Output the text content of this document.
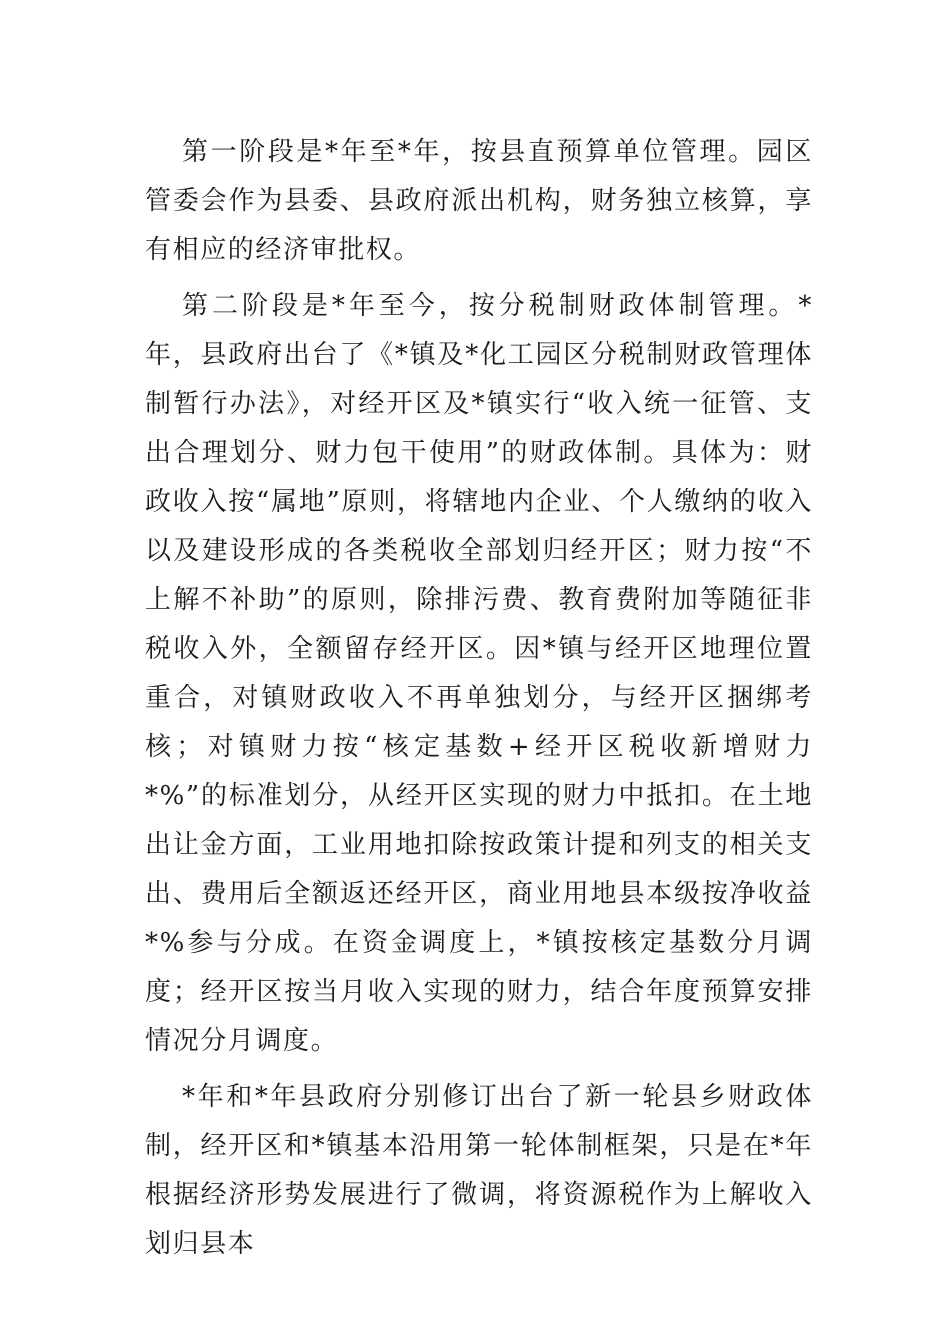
第一阶段是*年至*年，按县直预算单位管理。园区管委会作为县委、县政府派出机构，财务独立核算，享有相应的经济审批权。

第二阶段是*年至今，按分税制财政体制管理。*年，县政府出台了《*镇及*化工园区分税制财政管理体制暂行办法》，对经开区及*镇实行“收入统一征管、支出合理划分、财力包干使用”的财政体制。具体为：财政收入按“属地”原则，将辖地内企业、个人缴纳的收入以及建设形成的各类税收全部划归经开区；财力按“不上解不补助”的原则，除排污费、教育费附加等随征非税收入外，全额留存经开区。因*镇与经开区地理位置重合，对镇财政收入不再单独划分，与经开区捆绑考核；对镇财力按“核定基数+经开区税收新增财力*%”的标准划分，从经开区实现的财力中抵扣。在土地出让金方面，工业用地扣除按政策计提和列支的相关支出、费用后全额返还经开区，商业用地县本级按净收益*%参与分成。在资金调度上，*镇按核定基数分月调度；经开区按当月收入实现的财力，结合年度预算安排情况分月调度。

*年和*年县政府分别修订出台了新一轮县乡财政体制，经开区和*镇基本沿用第一轮体制框架，只是在*年根据经济形势发展进行了微调，将资源税作为上解收入划归县本
